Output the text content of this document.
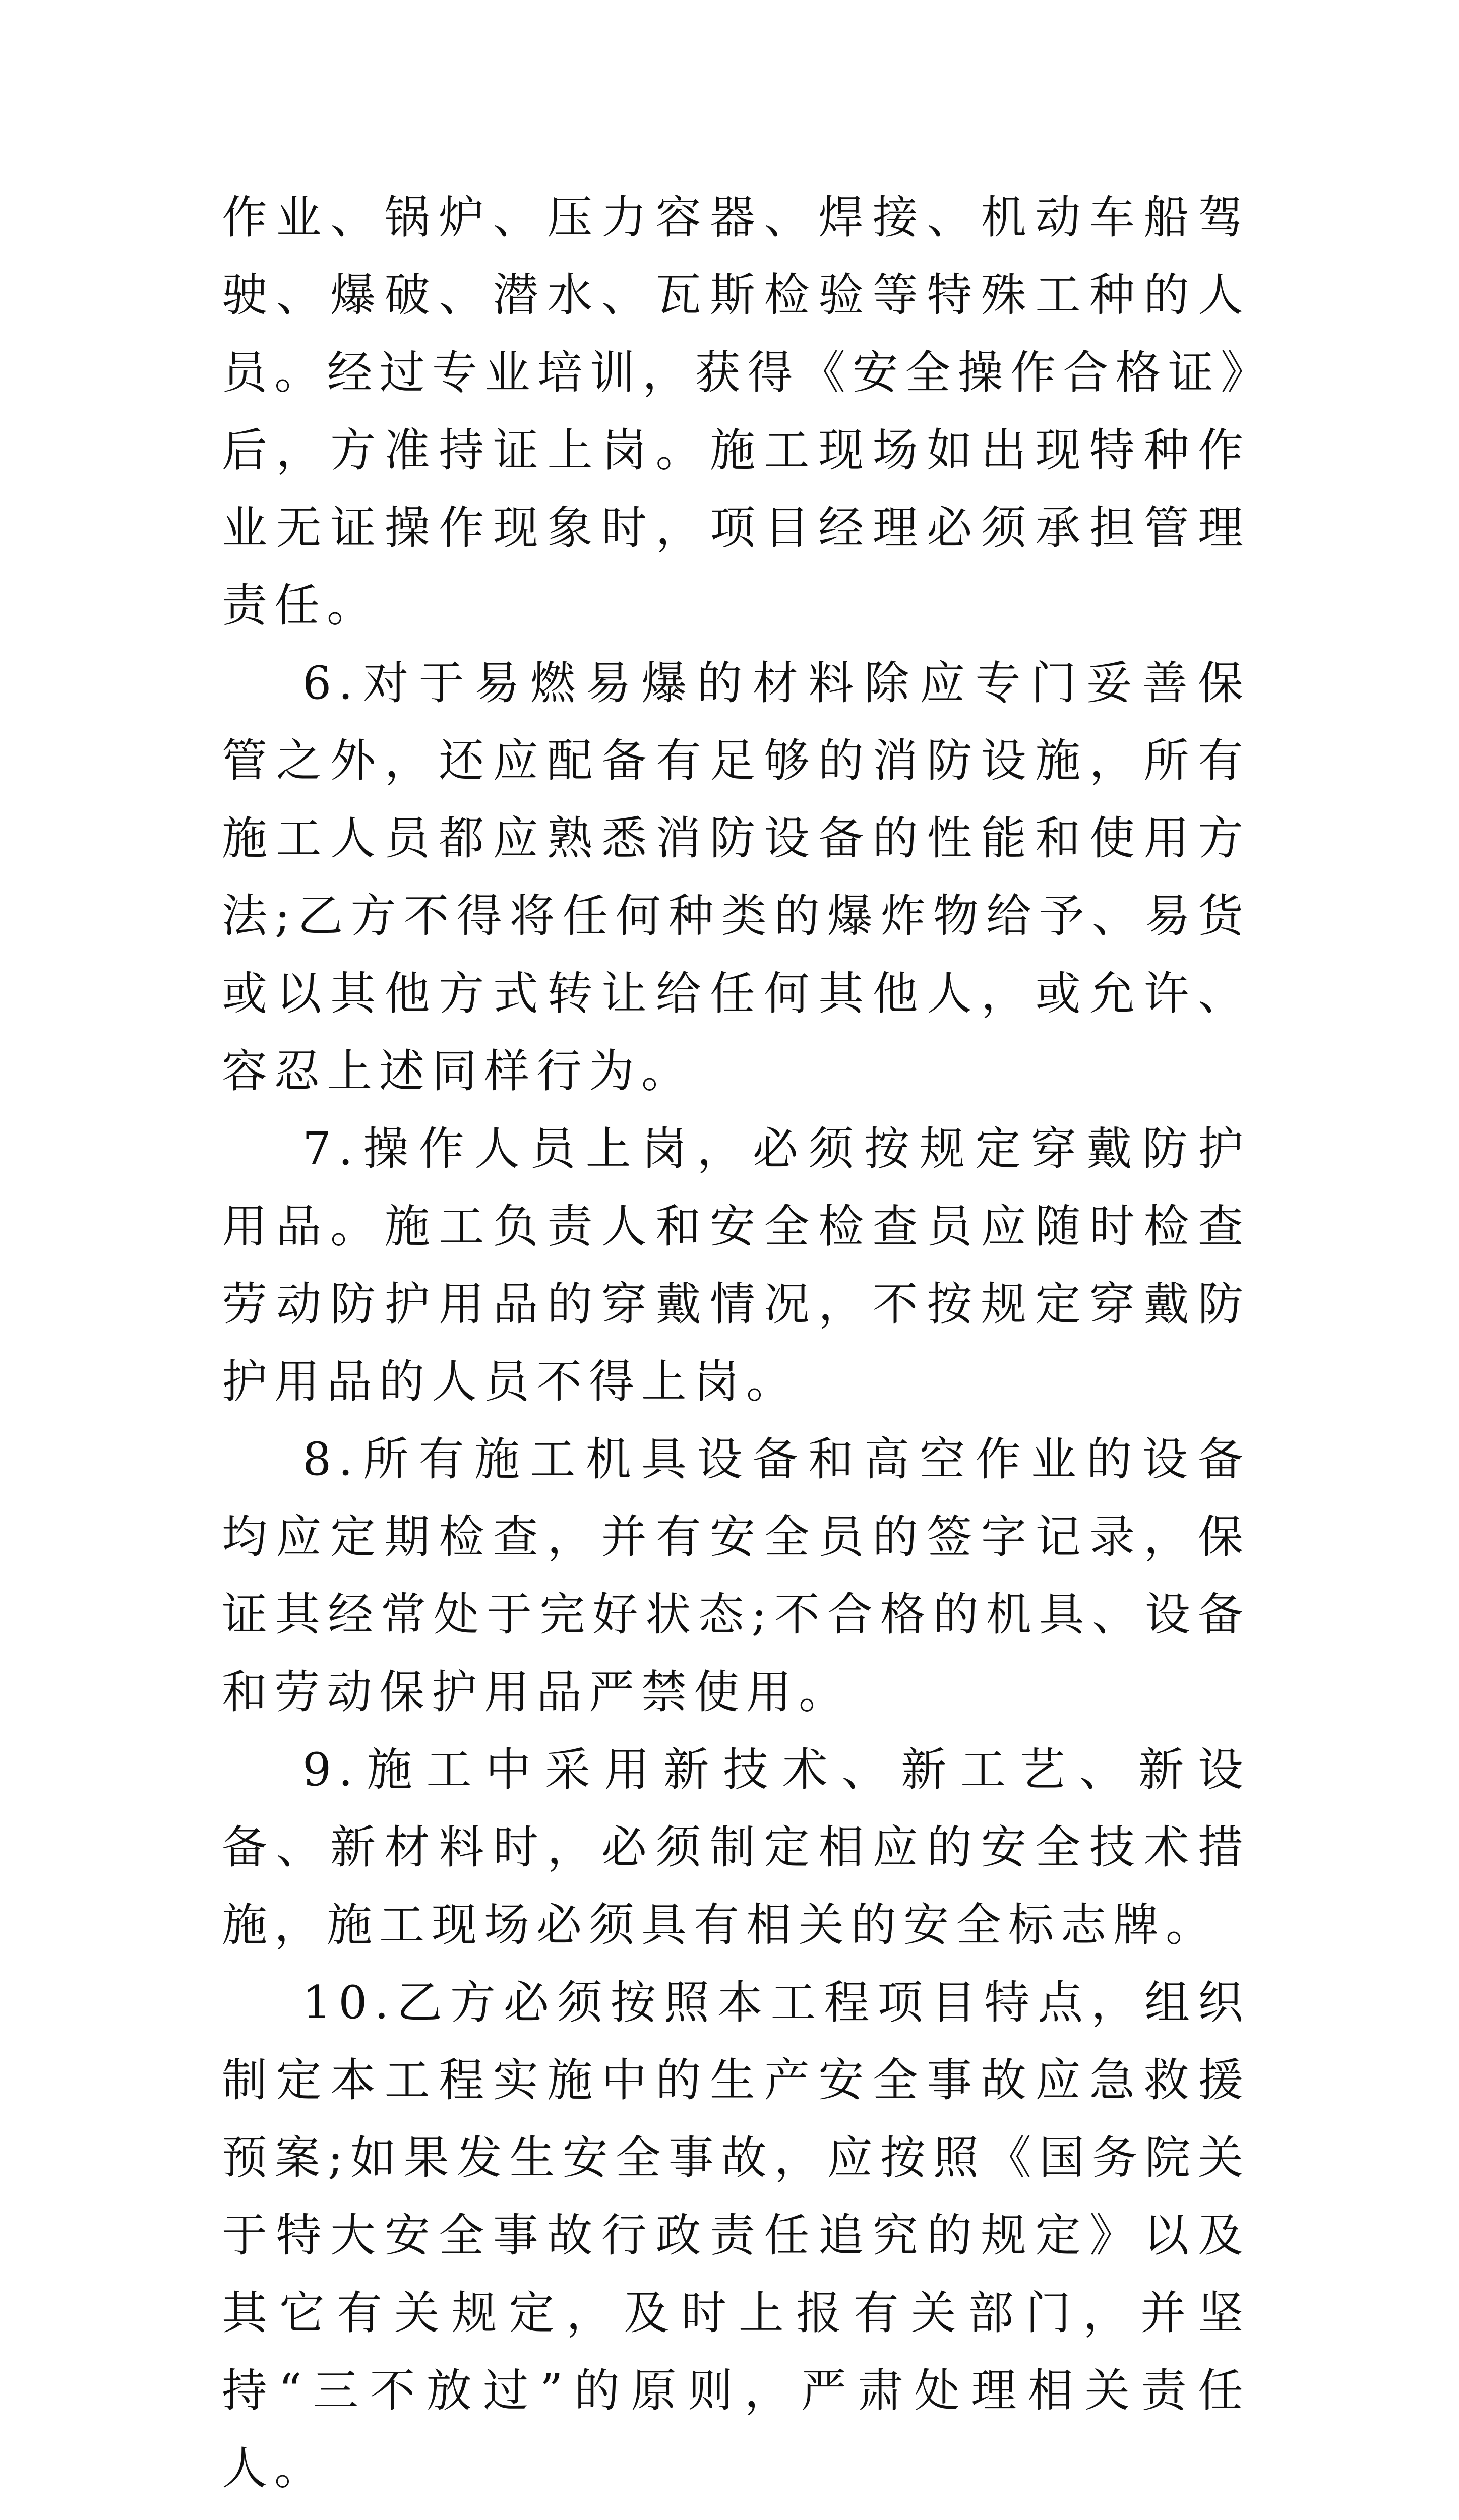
作业、锅炉、压力容器、焊接、机动车船驾驶、爆破、潜水、瓦斯检验等特殊工种的人员。经过专业培训，获得《安全操作合格证》后，方准持证上岗。施工现场如出现特种作业无证操作现象时，项目经理必须承担管理责任。

6.对于易燃易爆的材料除应专门妥善保管之外，还应配备有足够的消防设施，所有施工人员都应熟悉消防设备的性能和使用方法;乙方不得将任何种类的爆炸物给予、易货或以其他方式转让给任何其他人，或允许、容忍上述同样行为。

7.操作人员上岗，必须按规定穿戴防护用品。施工负责人和安全检查员应随时检查劳动防护用品的穿戴情况，不按规定穿戴防护用品的人员不得上岗。

8.所有施工机具设备和高空作业的设备均应定期检查，并有安全员的签字记录，保证其经常处于完好状态;不合格的机具、设备和劳动保护用品严禁使用。

9.施工中采用新技术、新工艺、新设备、新材料时，必须制定相应的安全技术措施，施工现场必须具有相关的安全标志牌。

10.乙方必须按照本工程项目特点，组织制定本工程实施中的生产安全事故应急救援预案;如果发生安全事故，应按照《国务院关于特大安全事故行政责任追究的规定》以及其它有关规定，及时上报有关部门，并坚持“三不放过”的原则，严肃处理相关责任人。
